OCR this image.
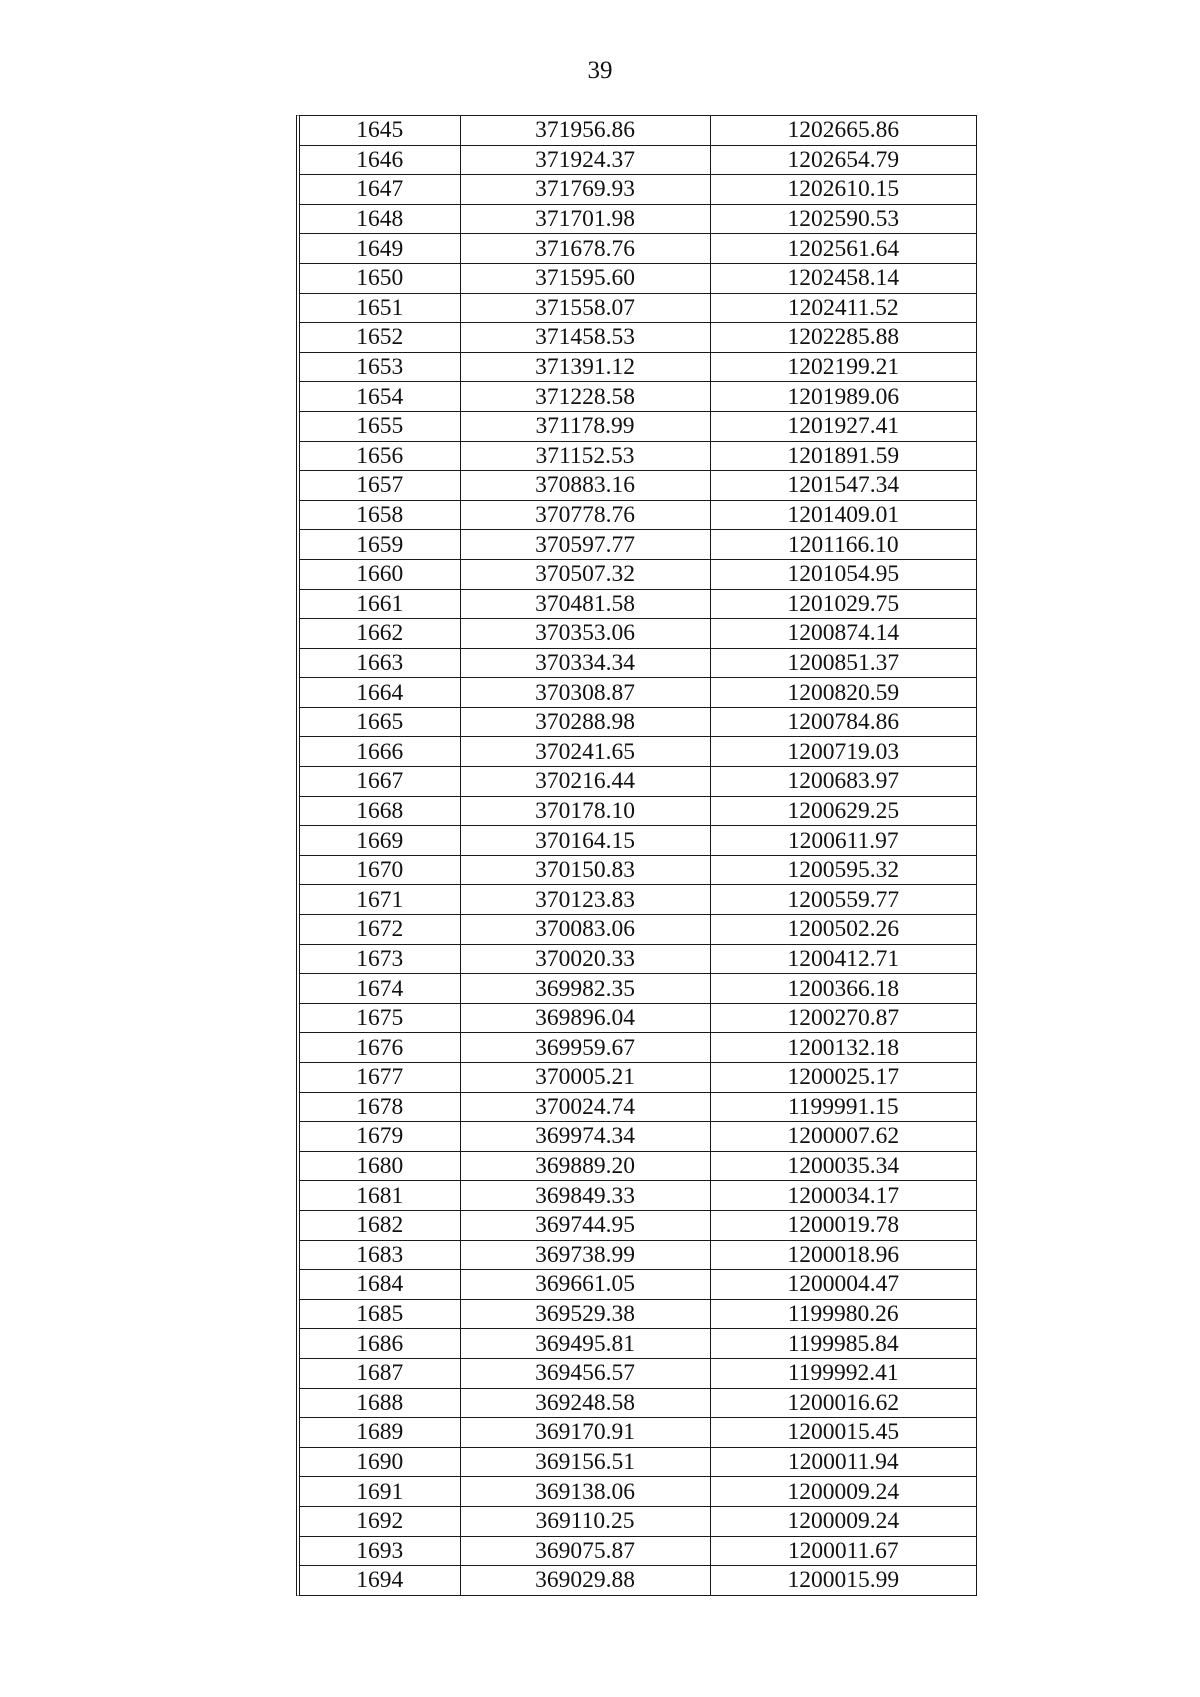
39
1645	371956.86	1202665.86
1646	371924.37	1202654.79
1647	371769.93	1202610.15
1648	371701.98	1202590.53
1649	371678.76	1202561.64
1650	371595.60	1202458.14
1651	371558.07	1202411.52
1652	371458.53	1202285.88
1653	371391.12	1202199.21
1654	371228.58	1201989.06
1655	371178.99	1201927.41
1656	371152.53	1201891.59
1657	370883.16	1201547.34
1658	370778.76	1201409.01
1659	370597.77	1201166.10
1660	370507.32	1201054.95
1661	370481.58	1201029.75
1662	370353.06	1200874.14
1663	370334.34	1200851.37
1664	370308.87	1200820.59
1665	370288.98	1200784.86
1666	370241.65	1200719.03
1667	370216.44	1200683.97
1668	370178.10	1200629.25
1669	370164.15	1200611.97
1670	370150.83	1200595.32
1671	370123.83	1200559.77
1672	370083.06	1200502.26
1673	370020.33	1200412.71
1674	369982.35	1200366.18
1675	369896.04	1200270.87
1676	369959.67	1200132.18
1677	370005.21	1200025.17
1678	370024.74	1199991.15
1679	369974.34	1200007.62
1680	369889.20	1200035.34
1681	369849.33	1200034.17
1682	369744.95	1200019.78
1683	369738.99	1200018.96
1684	369661.05	1200004.47
1685	369529.38	1199980.26
1686	369495.81	1199985.84
1687	369456.57	1199992.41
1688	369248.58	1200016.62
1689	369170.91	1200015.45
1690	369156.51	1200011.94
1691	369138.06	1200009.24
1692	369110.25	1200009.24
1693	369075.87	1200011.67
1694	369029.88	1200015.99
